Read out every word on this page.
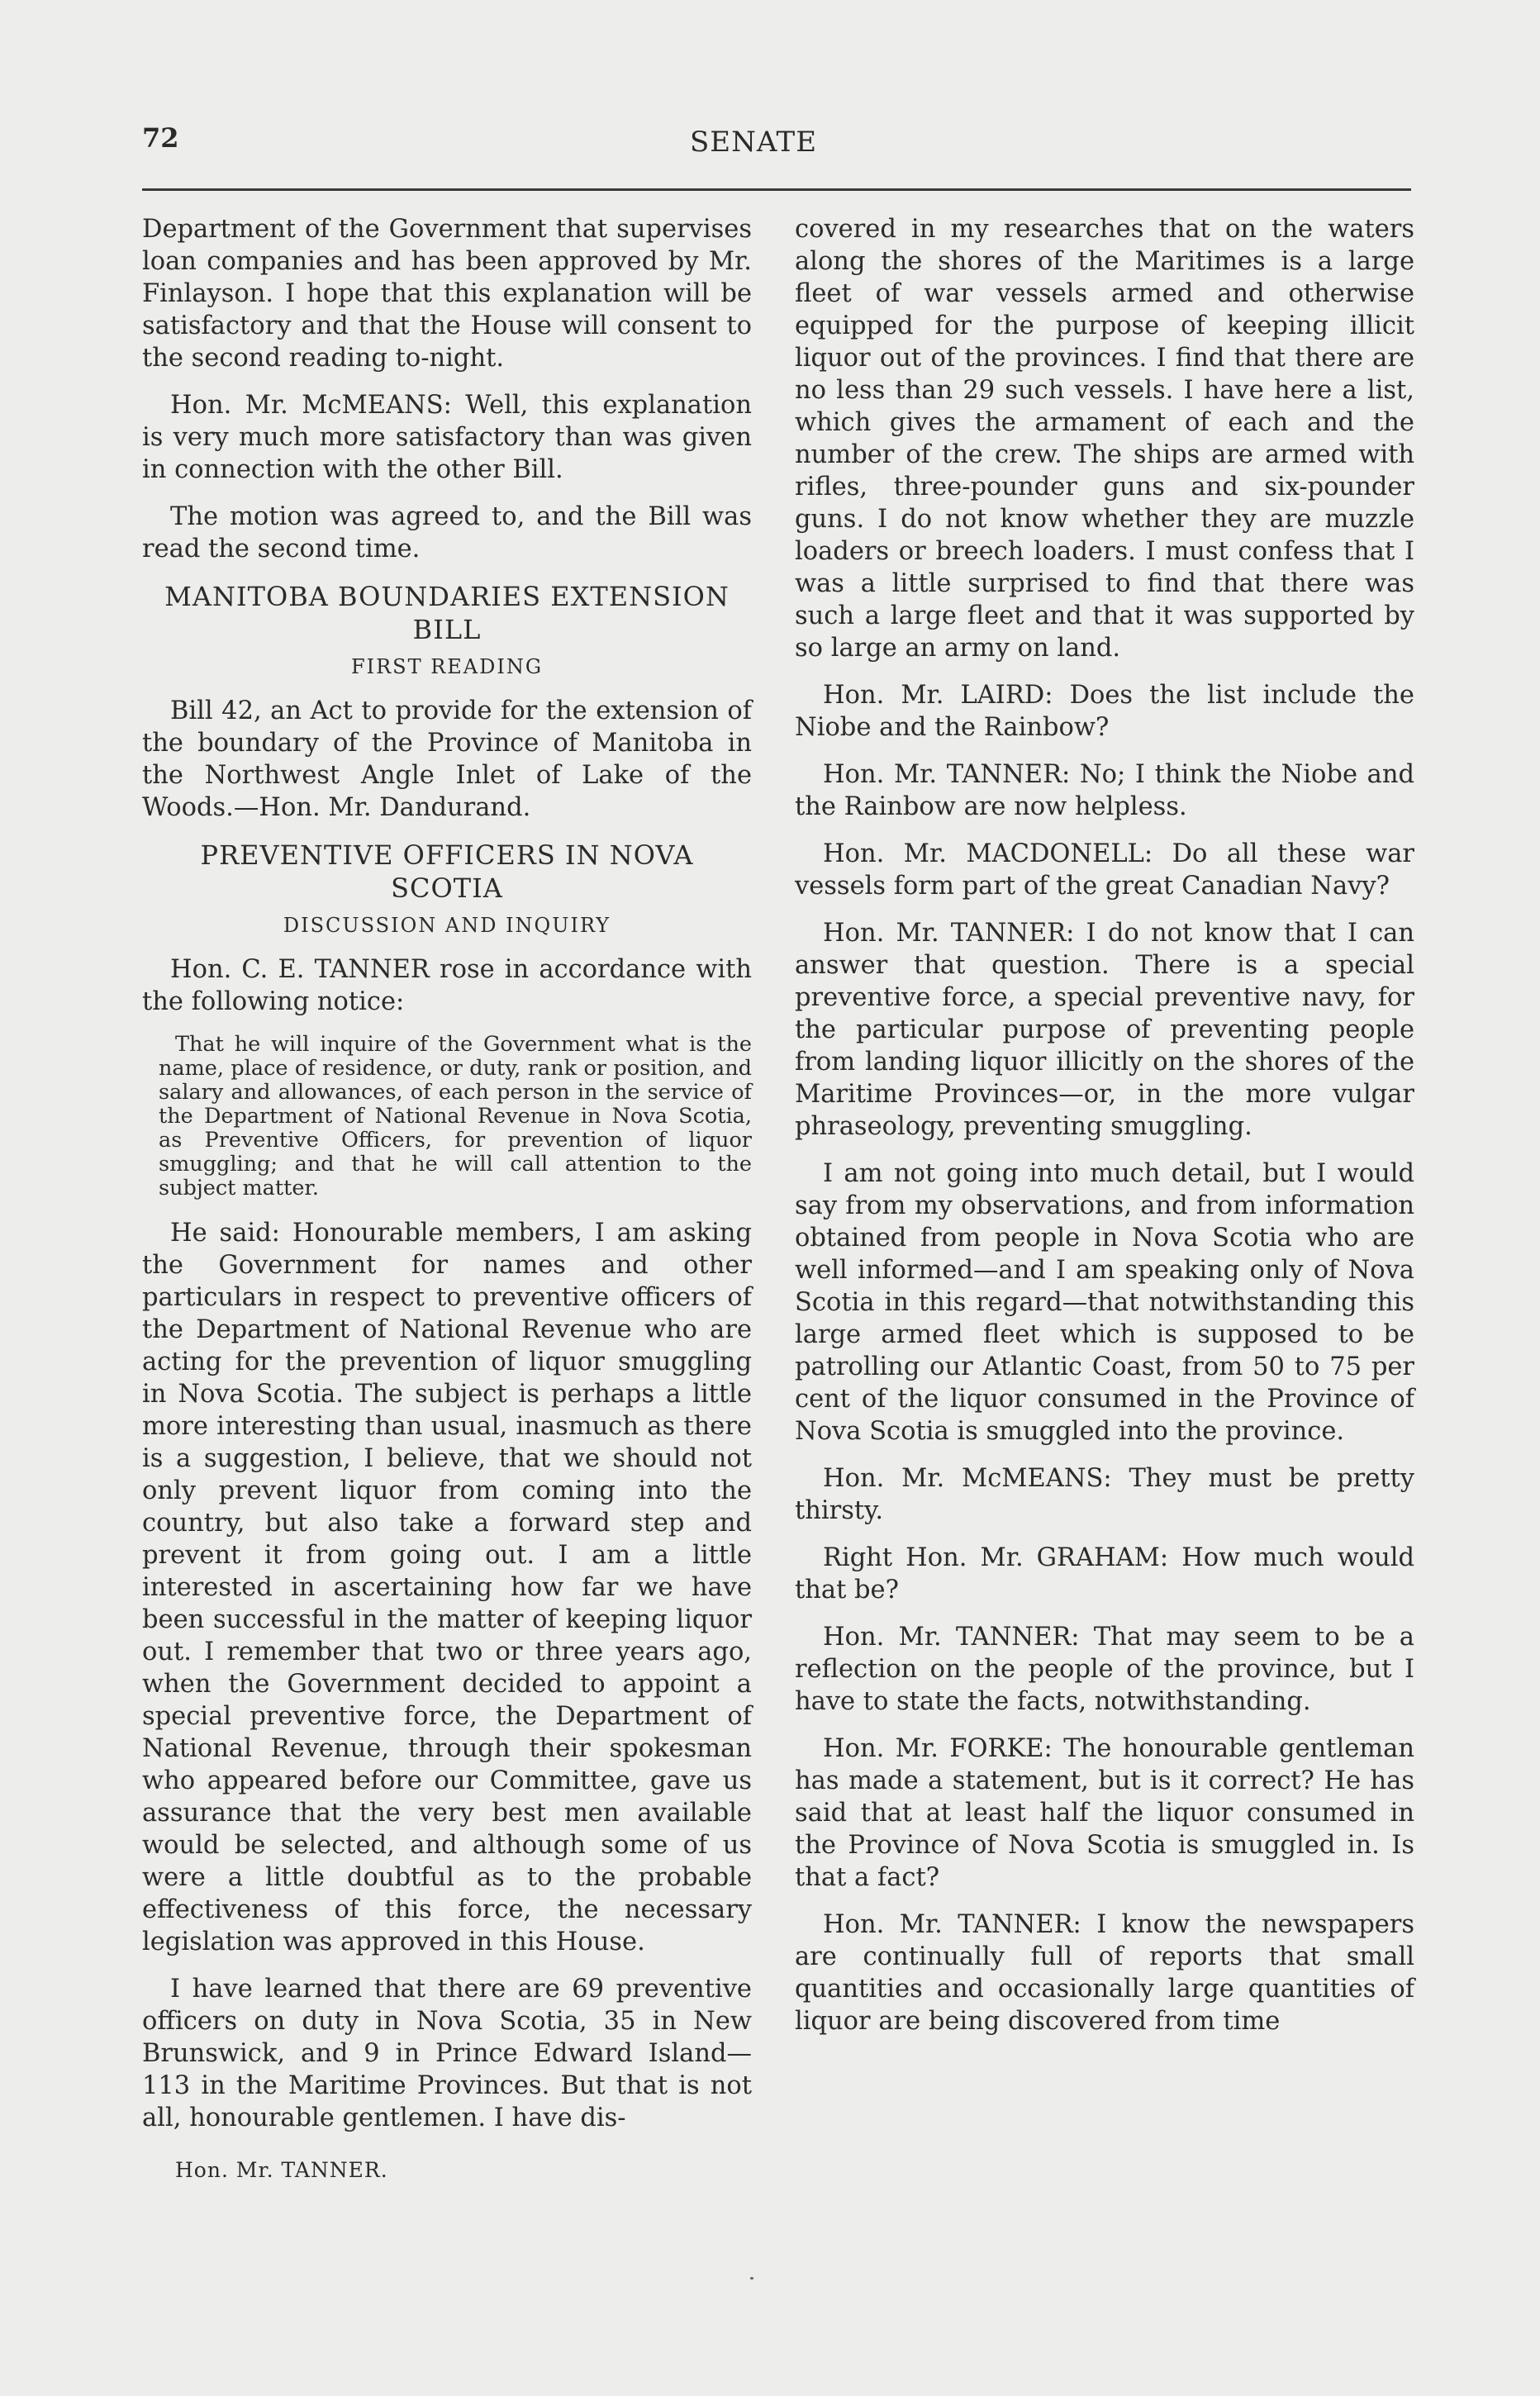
72	SENATE

Department of the Government that supervises loan companies and has been approved by Mr. Finlayson. I hope that this explanation will be satisfactory and that the House will consent to the second reading to-night.

Hon. Mr. McMEANS: Well, this explanation is very much more satisfactory than was given in connection with the other Bill.

The motion was agreed to, and the Bill was read the second time.

MANITOBA BOUNDARIES EXTENSION BILL
FIRST READING

Bill 42, an Act to provide for the extension of the boundary of the Province of Manitoba in the Northwest Angle Inlet of Lake of the Woods.—Hon. Mr. Dandurand.

PREVENTIVE OFFICERS IN NOVA SCOTIA
DISCUSSION AND INQUIRY

Hon. C. E. TANNER rose in accordance with the following notice:

That he will inquire of the Government what is the name, place of residence, or duty, rank or position, and salary and allowances, of each person in the service of the Department of National Revenue in Nova Scotia, as Preventive Officers, for prevention of liquor smuggling; and that he will call attention to the subject matter.

He said: Honourable members, I am asking the Government for names and other particulars in respect to preventive officers of the Department of National Revenue who are acting for the prevention of liquor smuggling in Nova Scotia. The subject is perhaps a little more interesting than usual, inasmuch as there is a suggestion, I believe, that we should not only prevent liquor from coming into the country, but also take a forward step and prevent it from going out. I am a little interested in ascertaining how far we have been successful in the matter of keeping liquor out. I remember that two or three years ago, when the Government decided to appoint a special preventive force, the Department of National Revenue, through their spokesman who appeared before our Committee, gave us assurance that the very best men available would be selected, and although some of us were a little doubtful as to the probable effectiveness of this force, the necessary legislation was approved in this House.

I have learned that there are 69 preventive officers on duty in Nova Scotia, 35 in New Brunswick, and 9 in Prince Edward Island—113 in the Maritime Provinces. But that is not all, honourable gentlemen. I have dis-

covered in my researches that on the waters along the shores of the Maritimes is a large fleet of war vessels armed and otherwise equipped for the purpose of keeping illicit liquor out of the provinces. I find that there are no less than 29 such vessels. I have here a list, which gives the armament of each and the number of the crew. The ships are armed with rifles, three-pounder guns and six-pounder guns. I do not know whether they are muzzle loaders or breech loaders. I must confess that I was a little surprised to find that there was such a large fleet and that it was supported by so large an army on land.

Hon. Mr. LAIRD: Does the list include the Niobe and the Rainbow?

Hon. Mr. TANNER: No; I think the Niobe and the Rainbow are now helpless.

Hon. Mr. MACDONELL: Do all these war vessels form part of the great Canadian Navy?

Hon. Mr. TANNER: I do not know that I can answer that question. There is a special preventive force, a special preventive navy, for the particular purpose of preventing people from landing liquor illicitly on the shores of the Maritime Provinces—or, in the more vulgar phraseology, preventing smuggling.

I am not going into much detail, but I would say from my observations, and from information obtained from people in Nova Scotia who are well informed—and I am speaking only of Nova Scotia in this regard—that notwithstanding this large armed fleet which is supposed to be patrolling our Atlantic Coast, from 50 to 75 per cent of the liquor consumed in the Province of Nova Scotia is smuggled into the province.

Hon. Mr. McMEANS: They must be pretty thirsty.

Right Hon. Mr. GRAHAM: How much would that be?

Hon. Mr. TANNER: That may seem to be a reflection on the people of the province, but I have to state the facts, notwithstanding.

Hon. Mr. FORKE: The honourable gentleman has made a statement, but is it correct? He has said that at least half the liquor consumed in the Province of Nova Scotia is smuggled in. Is that a fact?

Hon. Mr. TANNER: I know the newspapers are continually full of reports that small quantities and occasionally large quantities of liquor are being discovered from time

Hon. Mr. TANNER.
